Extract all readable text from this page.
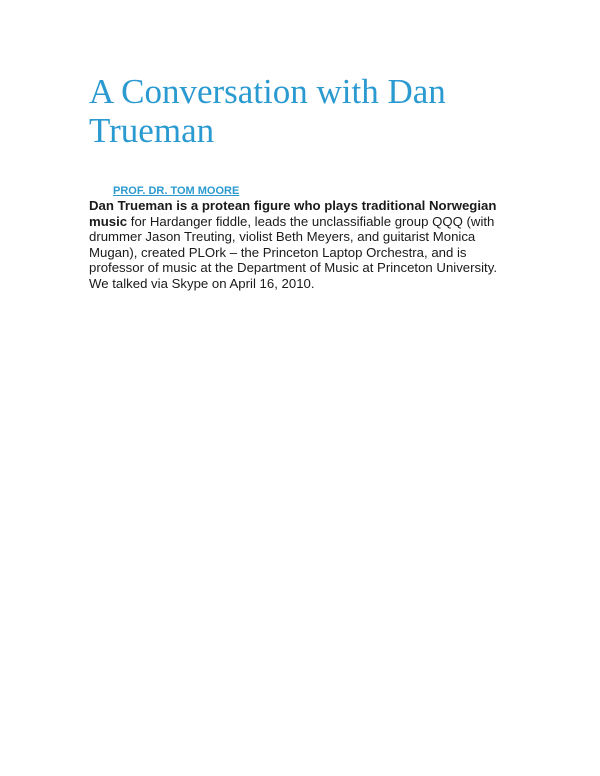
A Conversation with Dan Trueman
PROF. DR. TOM MOORE

Dan Trueman is a protean figure who plays traditional Norwegian music for Hardanger fiddle, leads the unclassifiable group QQQ (with drummer Jason Treuting, violist Beth Meyers, and guitarist Monica Mugan), created PLOrk – the Princeton Laptop Orchestra, and is professor of music at the Department of Music at Princeton University.

We talked via Skype on April 16, 2010.
